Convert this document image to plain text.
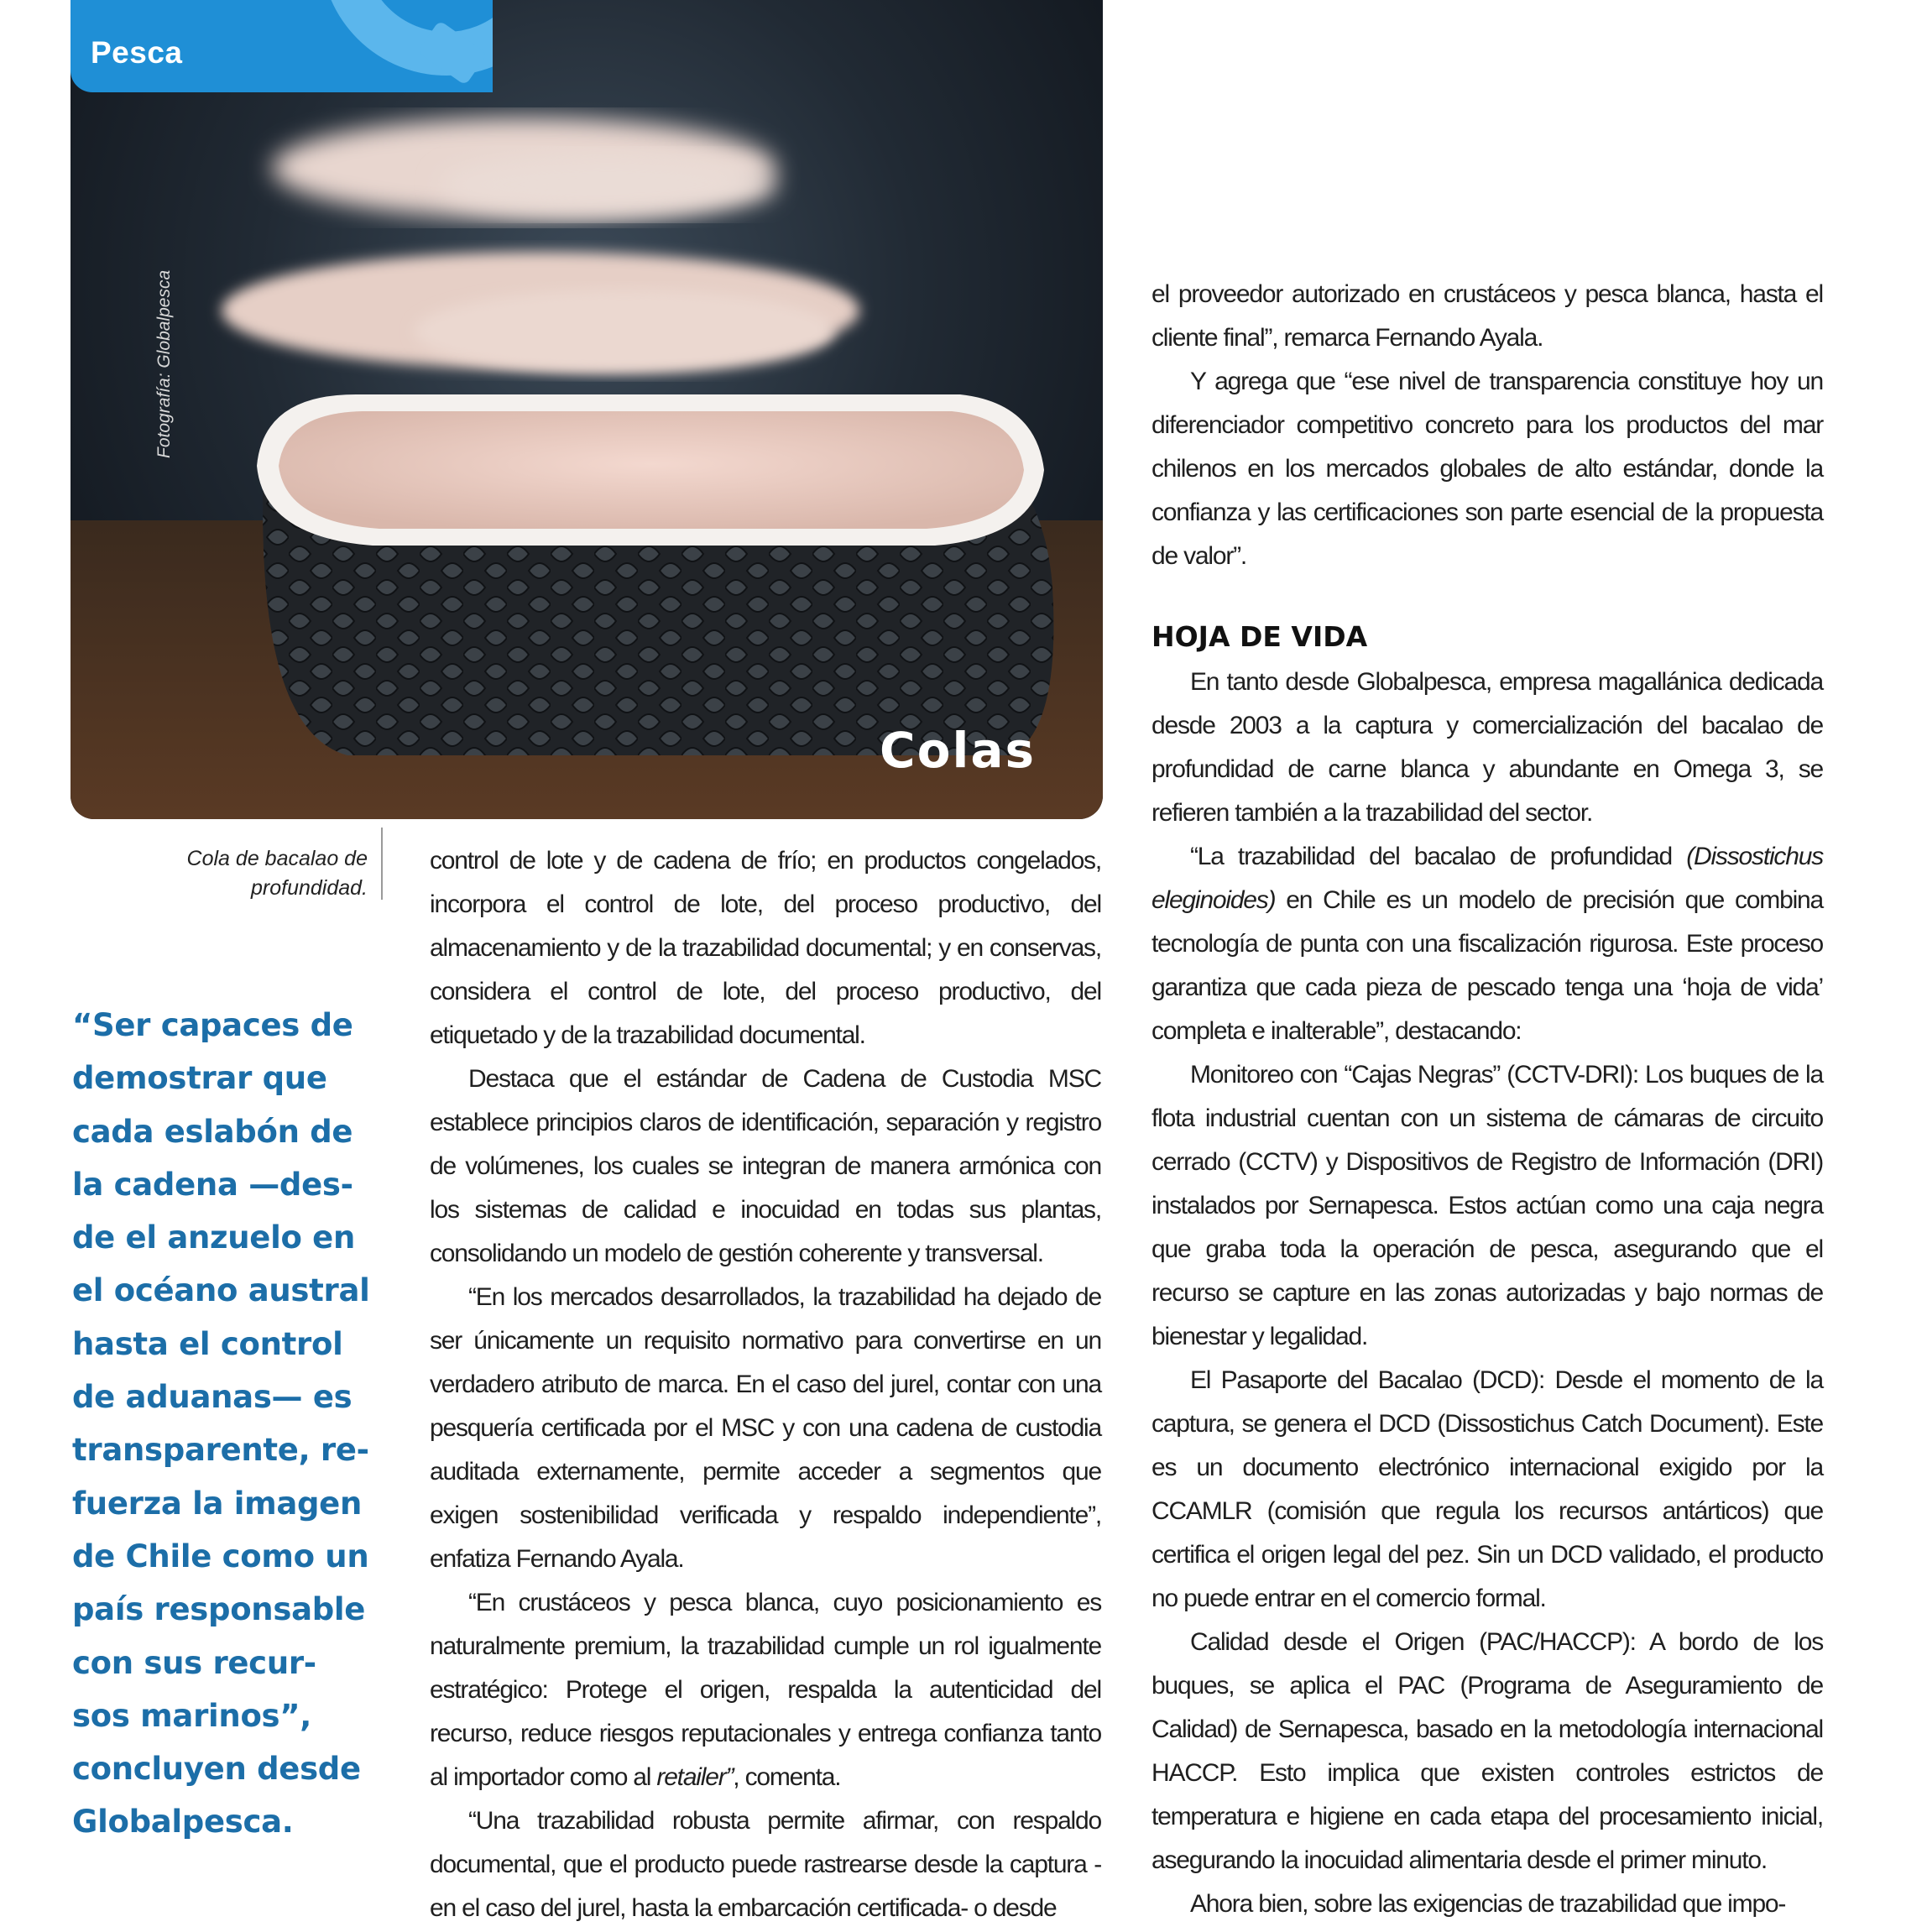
Pesca
Fotografía: Globalpesca
Colas
Cola de bacalao de profundidad.
“Ser capaces de
demostrar que
cada eslabón de
la cadena —des-
de el anzuelo en
el océano austral
hasta el control
de aduanas— es
transparente, re-
fuerza la imagen
de Chile como un
país responsable
con sus recur-
sos marinos”,
concluyen desde
Globalpesca.

control de lote y de cadena de frío; en productos congelados, incorpora el control de lote, del proceso productivo, del almacenamiento y de la trazabilidad documental; y en conservas, considera el control de lote, del proceso productivo, del etiquetado y de la trazabilidad documental.

Destaca que el estándar de Cadena de Custodia MSC establece principios claros de identificación, separación y registro de volúmenes, los cuales se integran de manera armónica con los sistemas de calidad e inocuidad en todas sus plantas, consolidando un modelo de gestión coherente y transversal.

“En los mercados desarrollados, la trazabilidad ha dejado de ser únicamente un requisito normativo para convertirse en un verdadero atributo de marca. En el caso del jurel, contar con una pesquería certificada por el MSC y con una cadena de custodia auditada externamente, permite acceder a segmentos que exigen sostenibilidad verificada y respaldo independiente”, enfatiza Fernando Ayala.

“En crustáceos y pesca blanca, cuyo posicionamiento es naturalmente premium, la trazabilidad cumple un rol igualmente estratégico: Protege el origen, respalda la autenticidad del recurso, reduce riesgos reputacionales y entrega confianza tanto al importador como al retailer”, comenta.

“Una trazabilidad robusta permite afirmar, con respaldo documental, que el producto puede rastrearse desde la captura -en el caso del jurel, hasta la embarcación certificada- o desde

el proveedor autorizado en crustáceos y pesca blanca, hasta el cliente final”, remarca Fernando Ayala.

Y agrega que “ese nivel de transparencia constituye hoy un diferenciador competitivo concreto para los productos del mar chilenos en los mercados globales de alto estándar, donde la confianza y las certificaciones son parte esencial de la propuesta de valor”.

HOJA DE VIDA

En tanto desde Globalpesca, empresa magallánica dedicada desde 2003 a la captura y comercialización del bacalao de profundidad de carne blanca y abundante en Omega 3, se refieren también a la trazabilidad del sector.

“La trazabilidad del bacalao de profundidad (Dissostichus eleginoides) en Chile es un modelo de precisión que combina tecnología de punta con una fiscalización rigurosa. Este proceso garantiza que cada pieza de pescado tenga una ‘hoja de vida’ completa e inalterable”, destacando:

Monitoreo con “Cajas Negras” (CCTV-DRI): Los buques de la flota industrial cuentan con un sistema de cámaras de circuito cerrado (CCTV) y Dispositivos de Registro de Información (DRI) instalados por Sernapesca. Estos actúan como una caja negra que graba toda la operación de pesca, asegurando que el recurso se capture en las zonas autorizadas y bajo normas de bienestar y legalidad.

El Pasaporte del Bacalao (DCD): Desde el momento de la captura, se genera el DCD (Dissostichus Catch Document). Este es un documento electrónico internacional exigido por la CCAMLR (comisión que regula los recursos antárticos) que certifica el origen legal del pez. Sin un DCD validado, el producto no puede entrar en el comercio formal.

Calidad desde el Origen (PAC/HACCP): A bordo de los buques, se aplica el PAC (Programa de Aseguramiento de Calidad) de Sernapesca, basado en la metodología internacional HACCP. Esto implica que existen controles estrictos de temperatura e higiene en cada etapa del procesamiento inicial, asegurando la inocuidad alimentaria desde el primer minuto.

Ahora bien, sobre las exigencias de trazabilidad que impo-
